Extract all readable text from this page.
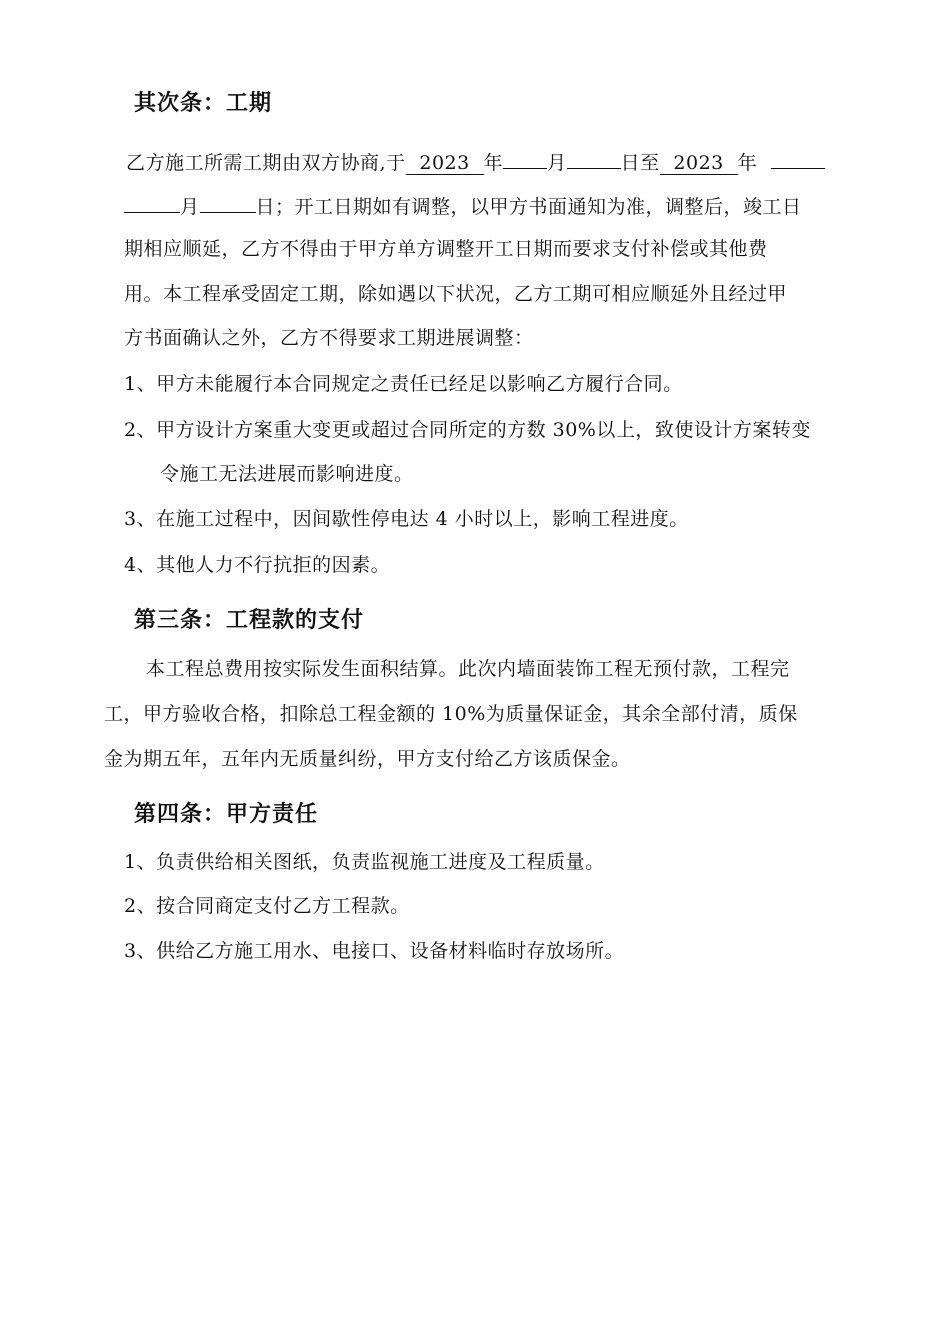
其次条：工期
乙方施工所需工期由双方协商,于 2023 年 月	日至 2023 年
月	日；开工日期如有调整，以甲方书面通知为准，调整后，竣工日
期相应顺延，乙方不得由于甲方单方调整开工日期而要求支付补偿或其他费
用。本工程承受固定工期，除如遇以下状况，乙方工期可相应顺延外且经过甲
方书面确认之外，乙方不得要求工期进展调整：
1、甲方未能履行本合同规定之责任已经足以影响乙方履行合同。
2、甲方设计方案重大变更或超过合同所定的方数 30%以上，致使设计方案转变
令施工无法进展而影响进度。
3、在施工过程中，因间歇性停电达 4 小时以上，影响工程进度。
4、其他人力不行抗拒的因素。
第三条：工程款的支付
本工程总费用按实际发生面积结算。此次内墙面装饰工程无预付款，工程完
工，甲方验收合格，扣除总工程金额的 10%为质量保证金，其余全部付清，质保
金为期五年，五年内无质量纠纷，甲方支付给乙方该质保金。
第四条：甲方责任
1、负责供给相关图纸，负责监视施工进度及工程质量。
2、按合同商定支付乙方工程款。
3、供给乙方施工用水、电接口、设备材料临时存放场所。
